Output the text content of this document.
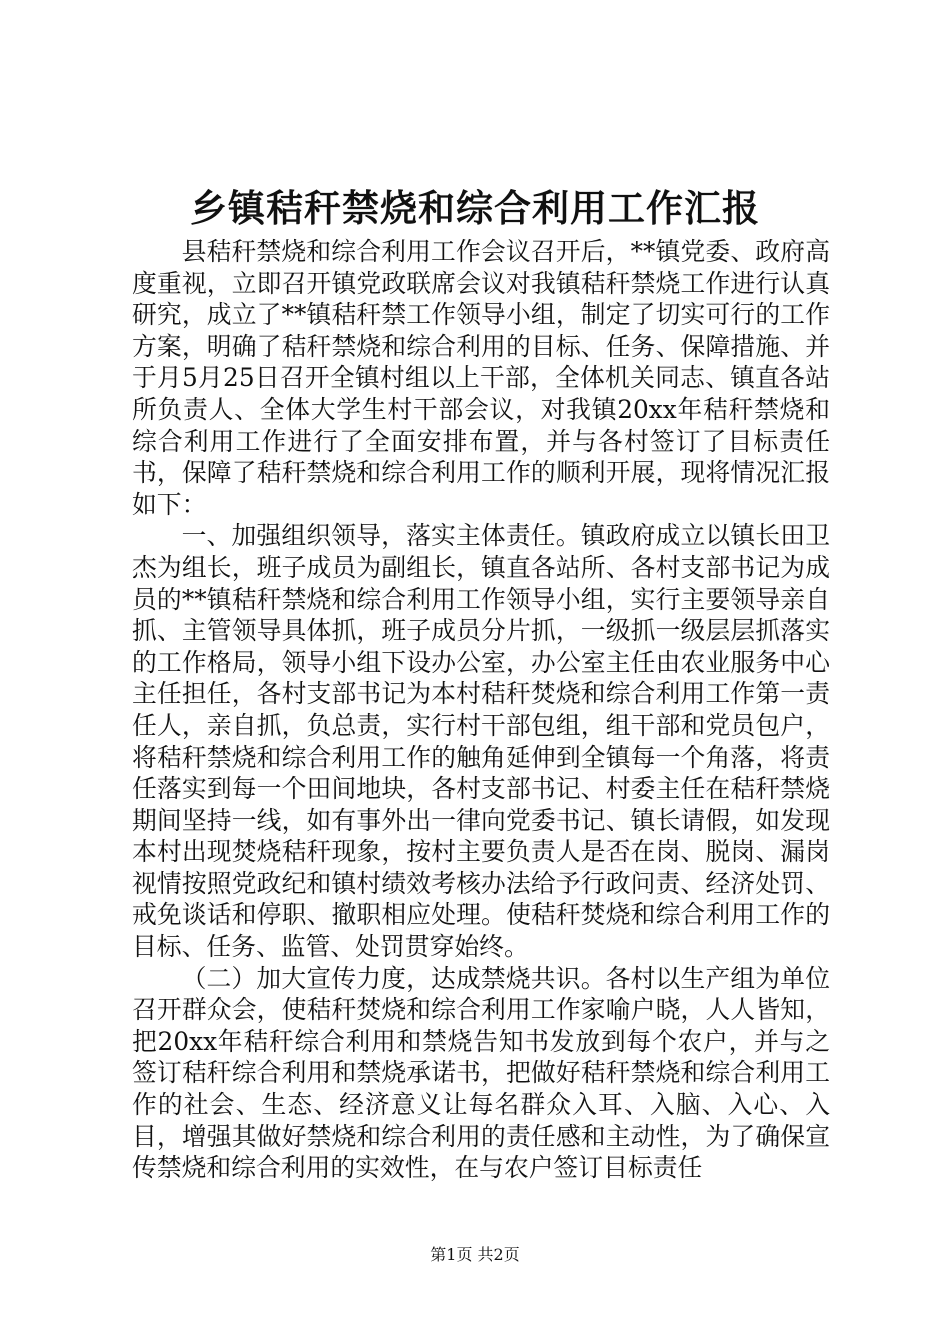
乡镇秸秆禁烧和综合利用工作汇报

县秸秆禁烧和综合利用工作会议召开后，**镇党委、政府高度重视，立即召开镇党政联席会议对我镇秸秆禁烧工作进行认真研究，成立了**镇秸秆禁工作领导小组，制定了切实可行的工作方案，明确了秸秆禁烧和综合利用的目标、任务、保障措施、并于月5月25日召开全镇村组以上干部，全体机关同志、镇直各站所负责人、全体大学生村干部会议，对我镇20xx年秸秆禁烧和综合利用工作进行了全面安排布置，并与各村签订了目标责任书，保障了秸秆禁烧和综合利用工作的顺利开展，现将情况汇报如下：

一、加强组织领导，落实主体责任。镇政府成立以镇长田卫杰为组长，班子成员为副组长，镇直各站所、各村支部书记为成员的**镇秸秆禁烧和综合利用工作领导小组，实行主要领导亲自抓、主管领导具体抓，班子成员分片抓，一级抓一级层层抓落实的工作格局，领导小组下设办公室，办公室主任由农业服务中心主任担任，各村支部书记为本村秸秆焚烧和综合利用工作第一责任人，亲自抓，负总责，实行村干部包组，组干部和党员包户，将秸秆禁烧和综合利用工作的触角延伸到全镇每一个角落，将责任落实到每一个田间地块，各村支部书记、村委主任在秸秆禁烧期间坚持一线，如有事外出一律向党委书记、镇长请假，如发现本村出现焚烧秸秆现象，按村主要负责人是否在岗、脱岗、漏岗视情按照党政纪和镇村绩效考核办法给予行政问责、经济处罚、戒免谈话和停职、撤职相应处理。使秸秆焚烧和综合利用工作的目标、任务、监管、处罚贯穿始终。

（二）加大宣传力度，达成禁烧共识。各村以生产组为单位召开群众会，使秸秆焚烧和综合利用工作家喻户晓，人人皆知，把20xx年秸秆综合利用和禁烧告知书发放到每个农户，并与之签订秸秆综合利用和禁烧承诺书，把做好秸秆禁烧和综合利用工作的社会、生态、经济意义让每名群众入耳、入脑、入心、入目，增强其做好禁烧和综合利用的责任感和主动性，为了确保宣传禁烧和综合利用的实效性，在与农户签订目标责任

第1页 共2页
